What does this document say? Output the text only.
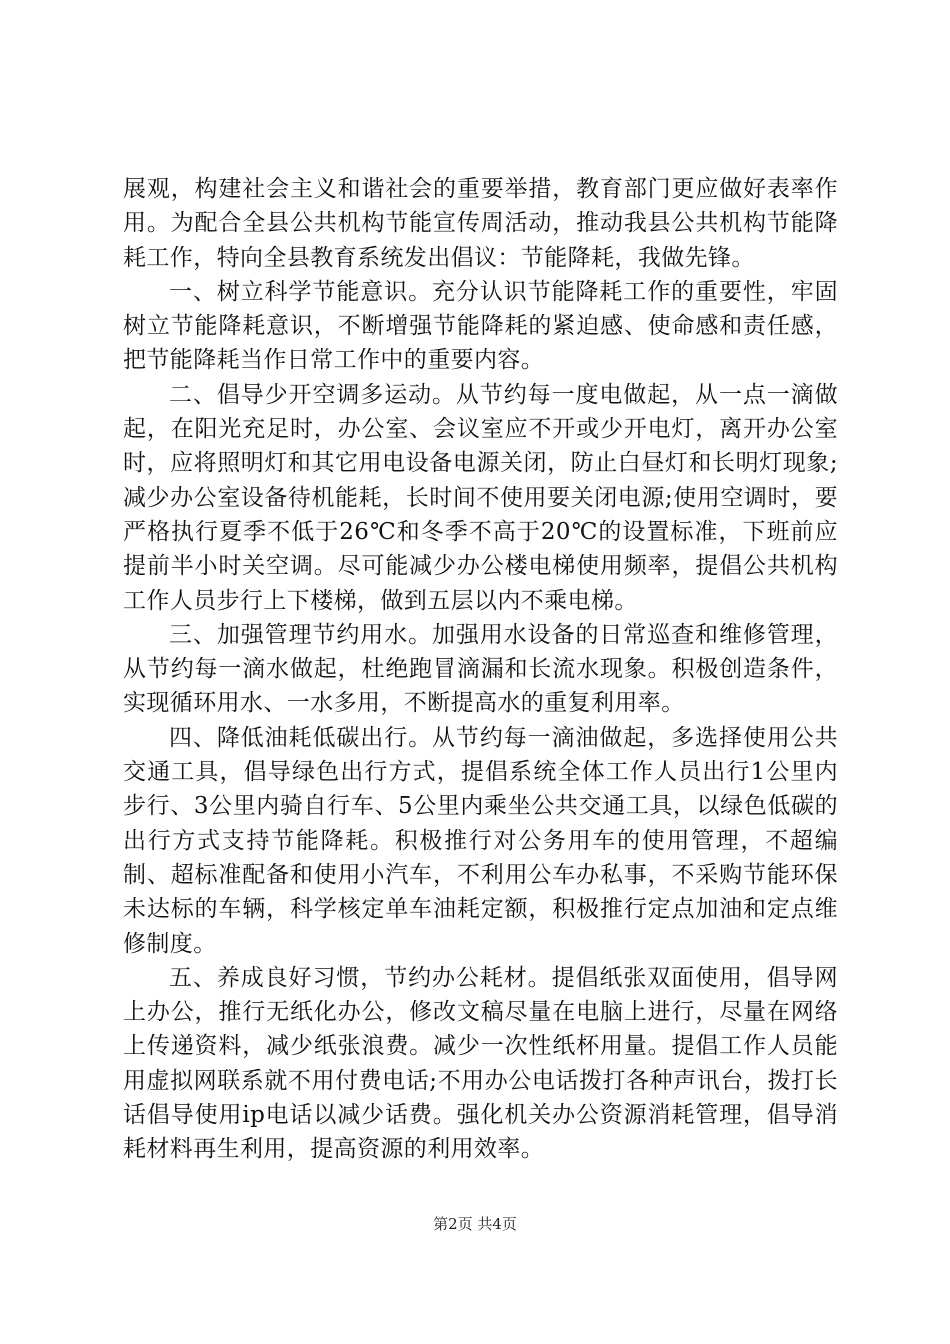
展观，构建社会主义和谐社会的重要举措，教育部门更应做好表率作用。为配合全县公共机构节能宣传周活动，推动我县公共机构节能降耗工作，特向全县教育系统发出倡议：节能降耗，我做先锋。

一、树立科学节能意识。充分认识节能降耗工作的重要性，牢固树立节能降耗意识，不断增强节能降耗的紧迫感、使命感和责任感，把节能降耗当作日常工作中的重要内容。

二、倡导少开空调多运动。从节约每一度电做起，从一点一滴做起，在阳光充足时，办公室、会议室应不开或少开电灯，离开办公室时，应将照明灯和其它用电设备电源关闭，防止白昼灯和长明灯现象;减少办公室设备待机能耗，长时间不使用要关闭电源;使用空调时，要严格执行夏季不低于26℃和冬季不高于20℃的设置标准，下班前应提前半小时关空调。尽可能减少办公楼电梯使用频率，提倡公共机构工作人员步行上下楼梯，做到五层以内不乘电梯。

三、加强管理节约用水。加强用水设备的日常巡查和维修管理，从节约每一滴水做起，杜绝跑冒滴漏和长流水现象。积极创造条件，实现循环用水、一水多用，不断提高水的重复利用率。

四、降低油耗低碳出行。从节约每一滴油做起，多选择使用公共交通工具，倡导绿色出行方式，提倡系统全体工作人员出行1公里内步行、3公里内骑自行车、5公里内乘坐公共交通工具，以绿色低碳的出行方式支持节能降耗。积极推行对公务用车的使用管理，不超编制、超标准配备和使用小汽车，不利用公车办私事，不采购节能环保未达标的车辆，科学核定单车油耗定额，积极推行定点加油和定点维修制度。

五、养成良好习惯，节约办公耗材。提倡纸张双面使用，倡导网上办公，推行无纸化办公，修改文稿尽量在电脑上进行，尽量在网络上传递资料，减少纸张浪费。减少一次性纸杯用量。提倡工作人员能用虚拟网联系就不用付费电话;不用办公电话拨打各种声讯台，拨打长话倡导使用ip电话以减少话费。强化机关办公资源消耗管理，倡导消耗材料再生利用，提高资源的利用效率。

第2页 共4页
